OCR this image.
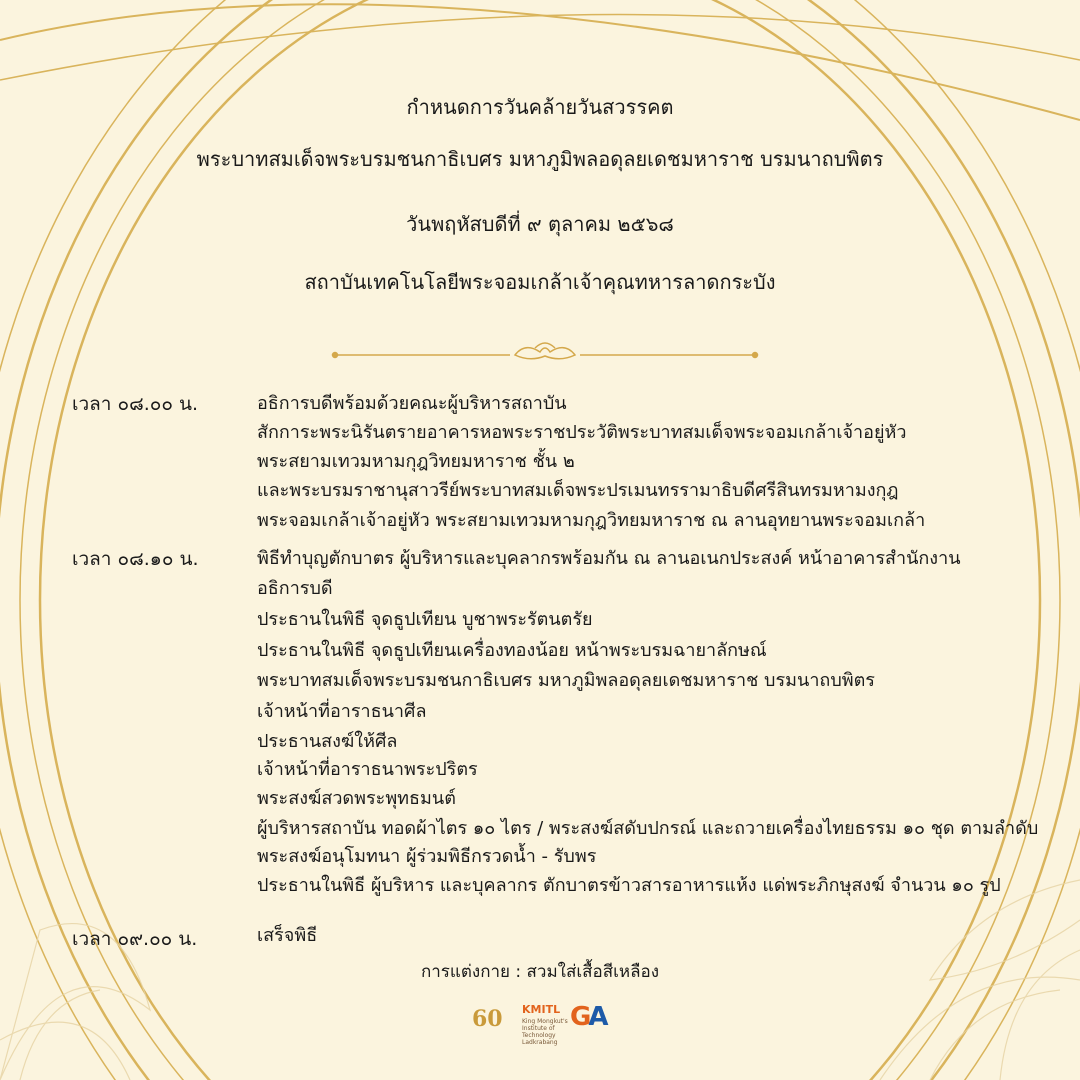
กำหนดการวันคล้ายวันสวรรคต
พระบาทสมเด็จพระบรมชนกาธิเบศร มหาภูมิพลอดุลยเดชมหาราช บรมนาถบพิตร
วันพฤหัสบดีที่ ๙ ตุลาคม ๒๕๖๘
สถาบันเทคโนโลยีพระจอมเกล้าเจ้าคุณทหารลาดกระบัง
เวลา ๐๘.๐๐ น.	อธิการบดีพร้อมด้วยคณะผู้บริหารสถาบัน
สักการะพระนิรันตรายอาคารหอพระราชประวัติพระบาทสมเด็จพระจอมเกล้าเจ้าอยู่หัว
พระสยามเทวมหามกุฎวิทยมหาราช ชั้น ๒
และพระบรมราชานุสาวรีย์พระบาทสมเด็จพระปรเมนทรรามาธิบดีศรีสินทรมหามงกุฎ
พระจอมเกล้าเจ้าอยู่หัว พระสยามเทวมหามกุฎวิทยมหาราช ณ ลานอุทยานพระจอมเกล้า
เวลา ๐๘.๑๐ น.	พิธีทำบุญตักบาตร ผู้บริหารและบุคลากรพร้อมกัน ณ ลานอเนกประสงค์ หน้าอาคารสำนักงาน
อธิการบดี
ประธานในพิธี จุดธูปเทียน บูชาพระรัตนตรัย
ประธานในพิธี จุดธูปเทียนเครื่องทองน้อย หน้าพระบรมฉายาลักษณ์
พระบาทสมเด็จพระบรมชนกาธิเบศร มหาภูมิพลอดุลยเดชมหาราช บรมนาถบพิตร
เจ้าหน้าที่อาราธนาศีล
ประธานสงฆ์ให้ศีล
เจ้าหน้าที่อาราธนาพระปริตร
พระสงฆ์สวดพระพุทธมนต์
ผู้บริหารสถาบัน ทอดผ้าไตร ๑๐ ไตร / พระสงฆ์สดับปกรณ์ และถวายเครื่องไทยธรรม ๑๐ ชุด ตามลำดับ
พระสงฆ์อนุโมทนา ผู้ร่วมพิธีกรวดน้ำ - รับพร
ประธานในพิธี ผู้บริหาร และบุคลากร ตักบาตรข้าวสารอาหารแห้ง แด่พระภิกษุสงฆ์ จำนวน ๑๐ รูป
เวลา ๐๙.๐๐ น.	เสร็จพิธี
การแต่งกาย : สวมใส่เสื้อสีเหลือง
60 KMITL
King Mongkut's Institute of Technology Ladkrabang
GA
